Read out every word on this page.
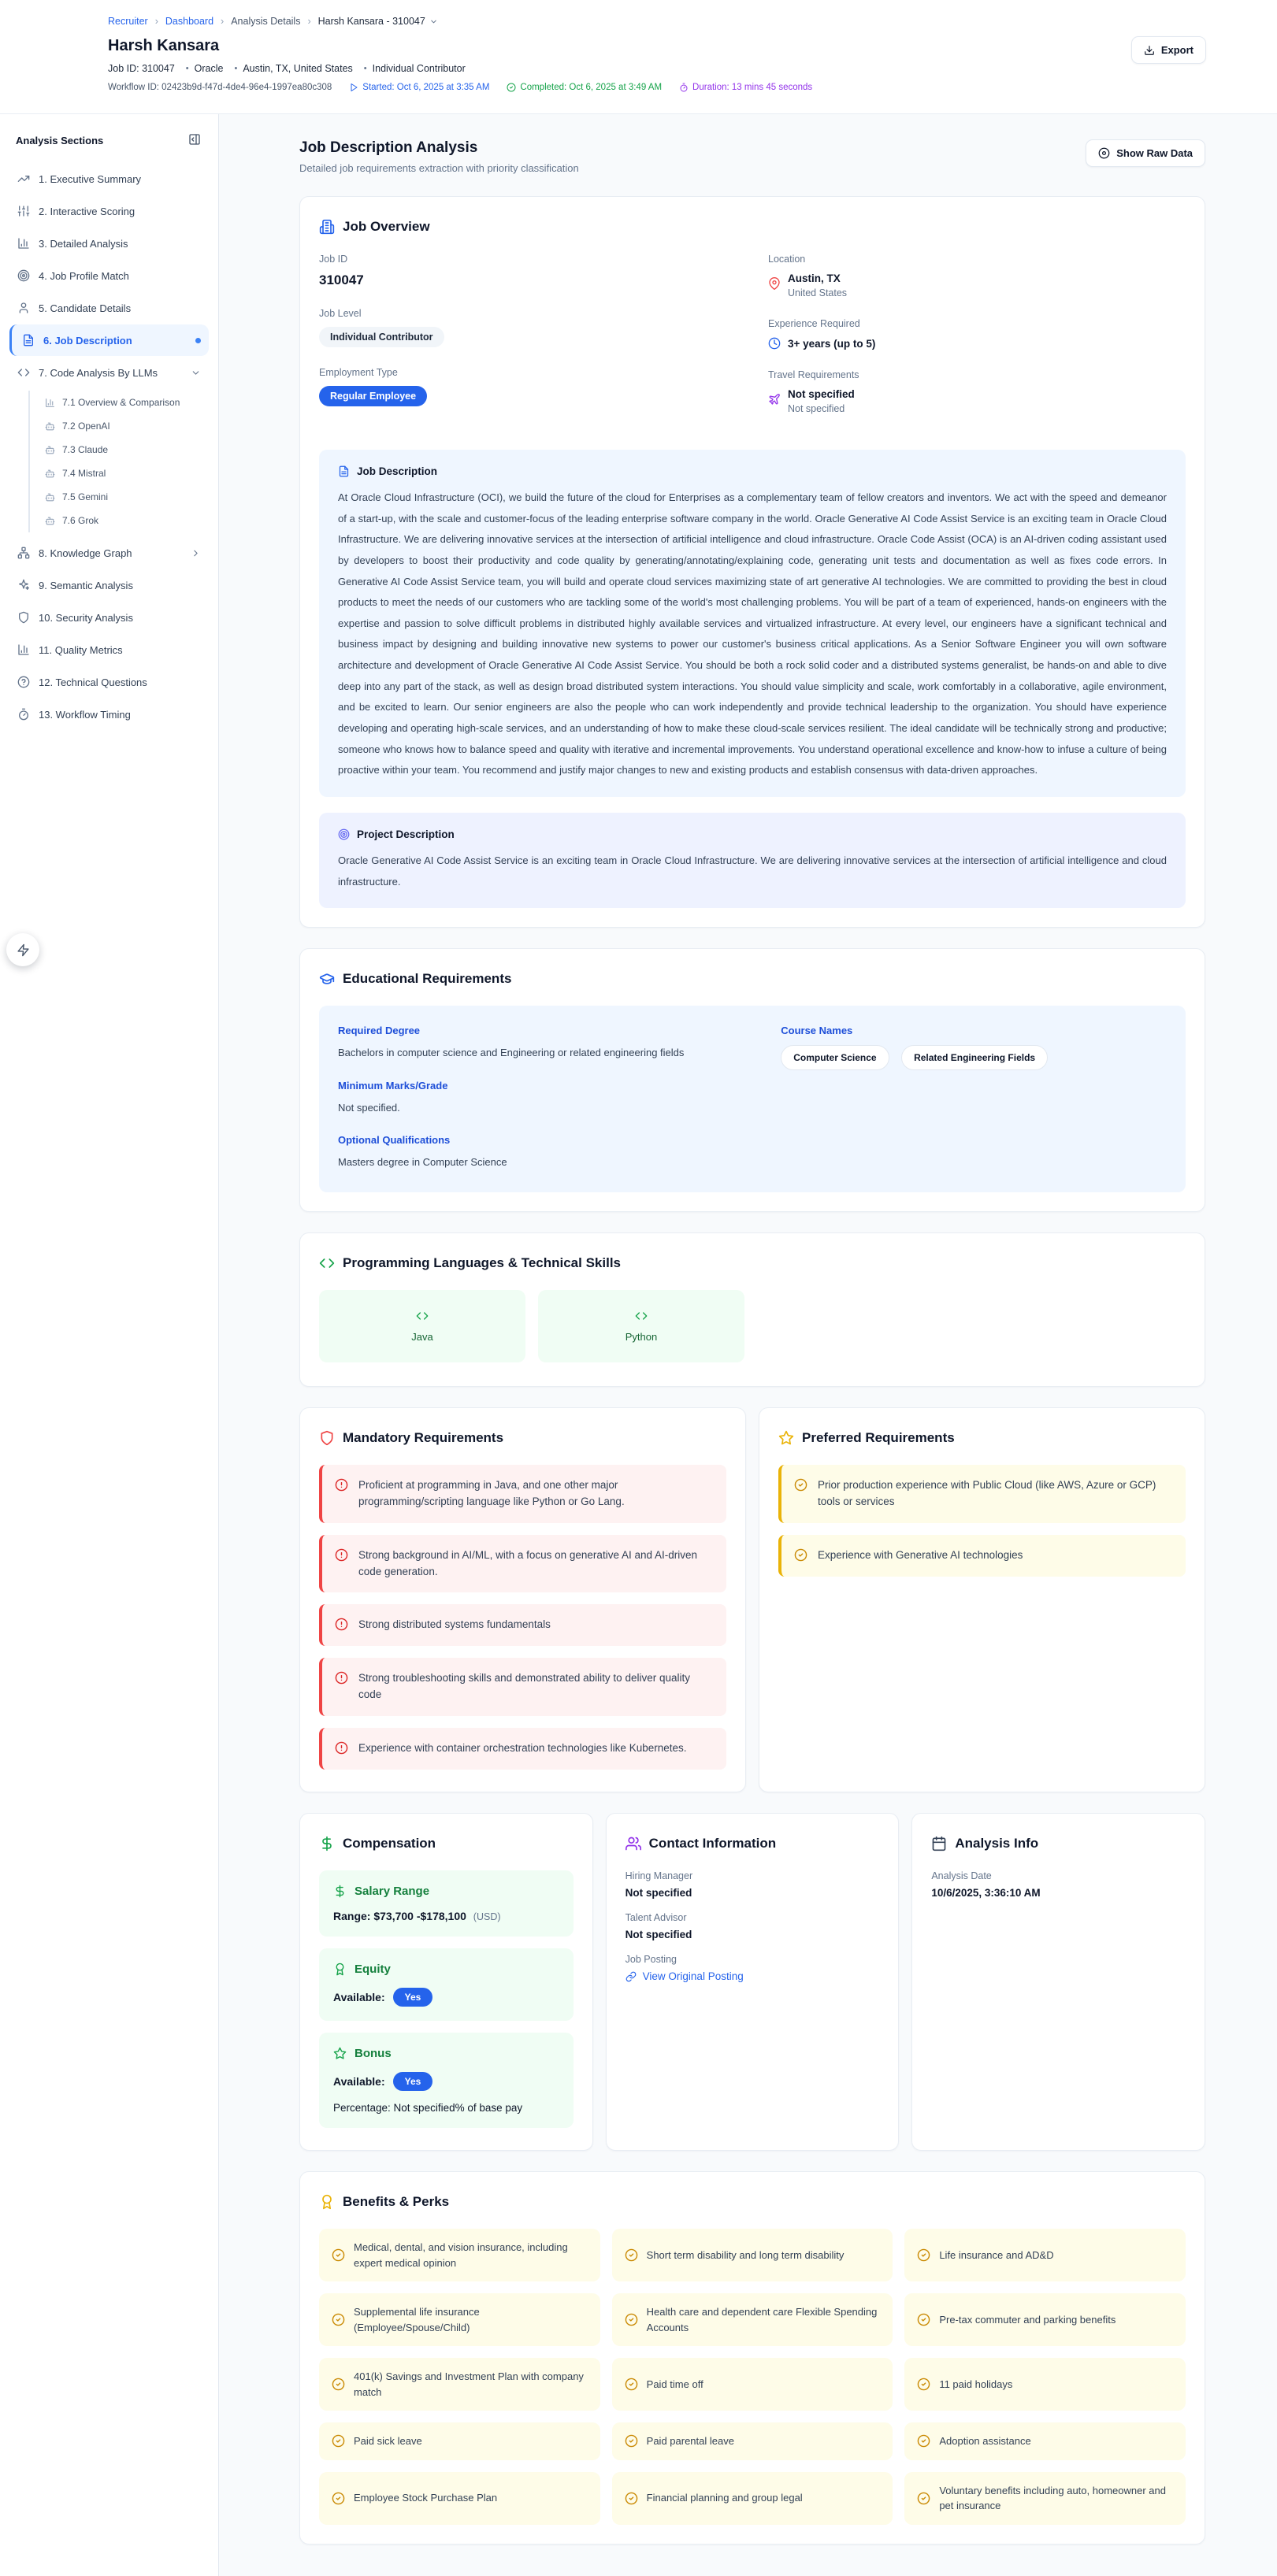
Recruiter › Dashboard › Analysis Details › Harsh Kansara - 310047
Harsh Kansara	Export
Job ID: 310047 • Oracle • Austin, TX, United States • Individual Contributor
Workflow ID: 02423b9d-f47d-4de4-96e4-1997ea80c308	Started: Oct 6, 2025 at 3:35 AM	Completed: Oct 6, 2025 at 3:49 AM	Duration: 13 mins 45 seconds
Analysis Sections
1. Executive Summary
2. Interactive Scoring
3. Detailed Analysis
4. Job Profile Match
5. Candidate Details
6. Job Description
7. Code Analysis By LLMs
7.1 Overview & Comparison
7.2 OpenAI
7.3 Claude
7.4 Mistral
7.5 Gemini
7.6 Grok
8. Knowledge Graph
9. Semantic Analysis
10. Security Analysis
11. Quality Metrics
12. Technical Questions
13. Workflow Timing
Job Description Analysis

Detailed job requirements extraction with priority classification

Show Raw Data
Job Overview
Job ID
310047
Job Level
Individual Contributor
Employment Type
Regular Employee
Location
Austin, TX
United States
Experience Required
3+ years (up to 5)
Travel Requirements
Not specified
Not specified
Job Description

At Oracle Cloud Infrastructure (OCI), we build the future of the cloud for Enterprises as a complementary team of fellow creators and inventors. We act with the speed and demeanor of a start-up, with the scale and customer-focus of the leading enterprise software company in the world. Oracle Generative AI Code Assist Service is an exciting team in Oracle Cloud Infrastructure. We are delivering innovative services at the intersection of artificial intelligence and cloud infrastructure. Oracle Code Assist (OCA) is an AI-driven coding assistant used by developers to boost their productivity and code quality by generating/annotating/explaining code, generating unit tests and documentation as well as fixes code errors. In Generative AI Code Assist Service team, you will build and operate cloud services maximizing state of art generative AI technologies. We are committed to providing the best in cloud products to meet the needs of our customers who are tackling some of the world's most challenging problems. You will be part of a team of experienced, hands-on engineers with the expertise and passion to solve difficult problems in distributed highly available services and virtualized infrastructure. At every level, our engineers have a significant technical and business impact by designing and building innovative new systems to power our customer's business critical applications. As a Senior Software Engineer you will own software architecture and development of Oracle Generative AI Code Assist Service. You should be both a rock solid coder and a distributed systems generalist, be hands-on and able to dive deep into any part of the stack, as well as design broad distributed system interactions. You should value simplicity and scale, work comfortably in a collaborative, agile environment, and be excited to learn. Our senior engineers are also the people who can work independently and provide technical leadership to the organization. You should have experience developing and operating high-scale services, and an understanding of how to make these cloud-scale services resilient. The ideal candidate will be technically strong and productive; someone who knows how to balance speed and quality with iterative and incremental improvements. You understand operational excellence and know-how to infuse a culture of being proactive within your team. You recommend and justify major changes to new and existing products and establish consensus with data-driven approaches.

Project Description

Oracle Generative AI Code Assist Service is an exciting team in Oracle Cloud Infrastructure. We are delivering innovative services at the intersection of artificial intelligence and cloud infrastructure.

Educational Requirements
Required Degree

Bachelors in computer science and Engineering or related engineering fields

Minimum Marks/Grade

Not specified.

Optional Qualifications

Masters degree in Computer Science

Course Names
Computer Science	Related Engineering Fields
Programming Languages & Technical Skills
Java	Python
Mandatory Requirements
Proficient at programming in Java, and one other major programming/scripting language like Python or Go Lang.
Strong background in AI/ML, with a focus on generative AI and AI-driven code generation.
Strong distributed systems fundamentals
Strong troubleshooting skills and demonstrated ability to deliver quality code
Experience with container orchestration technologies like Kubernetes.
Preferred Requirements
Prior production experience with Public Cloud (like AWS, Azure or GCP) tools or services
Experience with Generative AI technologies
Compensation
Salary Range
Range: $73,700 -$178,100 (USD)
Equity
Available:	Yes
Bonus
Available:	Yes
Percentage: Not specified% of base pay
Contact Information
Hiring Manager
Not specified
Talent Advisor
Not specified
Job Posting
View Original Posting
Analysis Info
Analysis Date
10/6/2025, 3:36:10 AM
Benefits & Perks
Medical, dental, and vision insurance, including expert medical opinion
Short term disability and long term disability	Life insurance and AD&D
Supplemental life insurance (Employee/Spouse/Child)
Health care and dependent care Flexible Spending Accounts
Pre-tax commuter and parking benefits
401(k) Savings and Investment Plan with company match
Paid time off	11 paid holidays
Paid sick leave	Paid parental leave	Adoption assistance
Employee Stock Purchase Plan	Financial planning and group legal
Voluntary benefits including auto, homeowner and pet insurance
